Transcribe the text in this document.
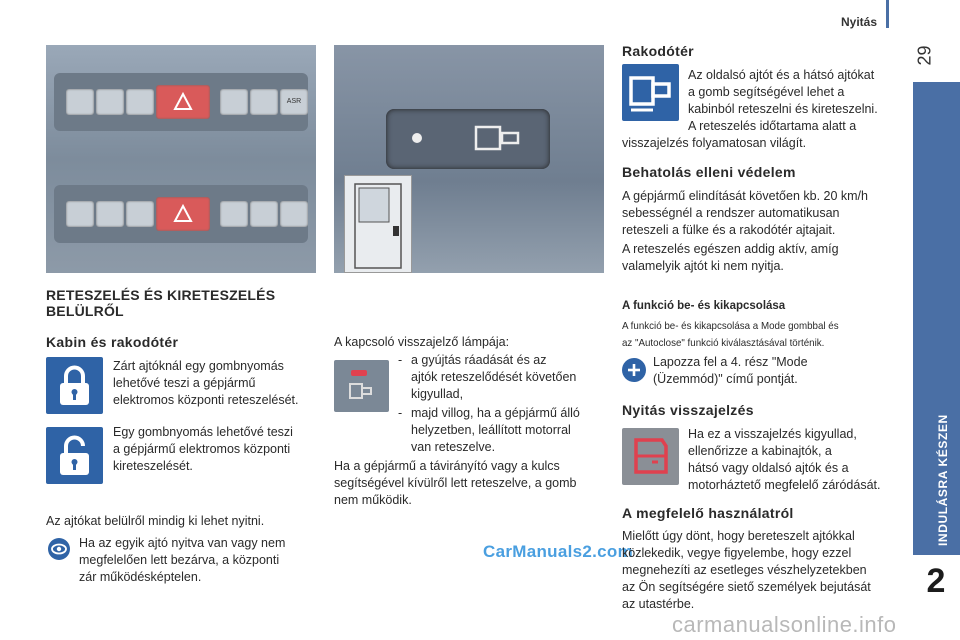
Nyitás
29
INDULÁSRA KÉSZEN
2
ASR
RETESZELÉS ÉS KIRETESZELÉS
BELÜLRŐL
Kabin és rakodótér
Zárt ajtóknál egy gombnyomás
lehetővé teszi a gépjármű
elektromos központi reteszelését.
Egy gombnyomás lehetővé teszi
a gépjármű elektromos központi
kireteszelését.
Az ajtókat belülről mindig ki lehet nyitni.
Ha az egyik ajtó nyitva van vagy nem
megfelelően lett bezárva, a központi
zár működésképtelen.
A kapcsoló visszajelző lámpája:
- a gyújtás ráadását és az
ajtók reteszelődését követően
kigyullad,
- majd villog, ha a gépjármű álló
helyzetben, leállított motorral
van reteszelve.
Ha a gépjármű a távirányító vagy a kulcs
segítségével kívülről lett reteszelve, a gomb
nem működik.
CarManuals2.com
Rakodótér
Az oldalsó ajtót és a hátsó ajtókat
a gomb segítségével lehet a
kabinból reteszelni és kireteszelni.
A reteszelés időtartama alatt a
visszajelzés folyamatosan világít.
Behatolás elleni védelem
A gépjármű elindítását követően kb. 20 km/h
sebességnél a rendszer automatikusan
reteszeli a fülke és a rakodótér ajtajait.
A reteszelés egészen addig aktív, amíg
valamelyik ajtót ki nem nyitja.
A funkció be- és kikapcsolása
A funkció be- és kikapcsolása a Mode gombbal és
az "Autoclose" funkció kiválasztásával történik.
Lapozza fel a 4. rész "Mode
(Üzemmód)" című pontját.
Nyitás visszajelzés
Ha ez a visszajelzés kigyullad,
ellenőrizze a kabinajtók, a
hátsó vagy oldalsó ajtók és a
motorháztető megfelelő záródását.
A megfelelő használatról
Mielőtt úgy dönt, hogy bereteszelt ajtókkal
közlekedik, vegye figyelembe, hogy ezzel
megnehezíti az esetleges vészhelyzetekben
az Ön segítségére siető személyek bejutását
az utastérbe.
carmanualsonline.info
